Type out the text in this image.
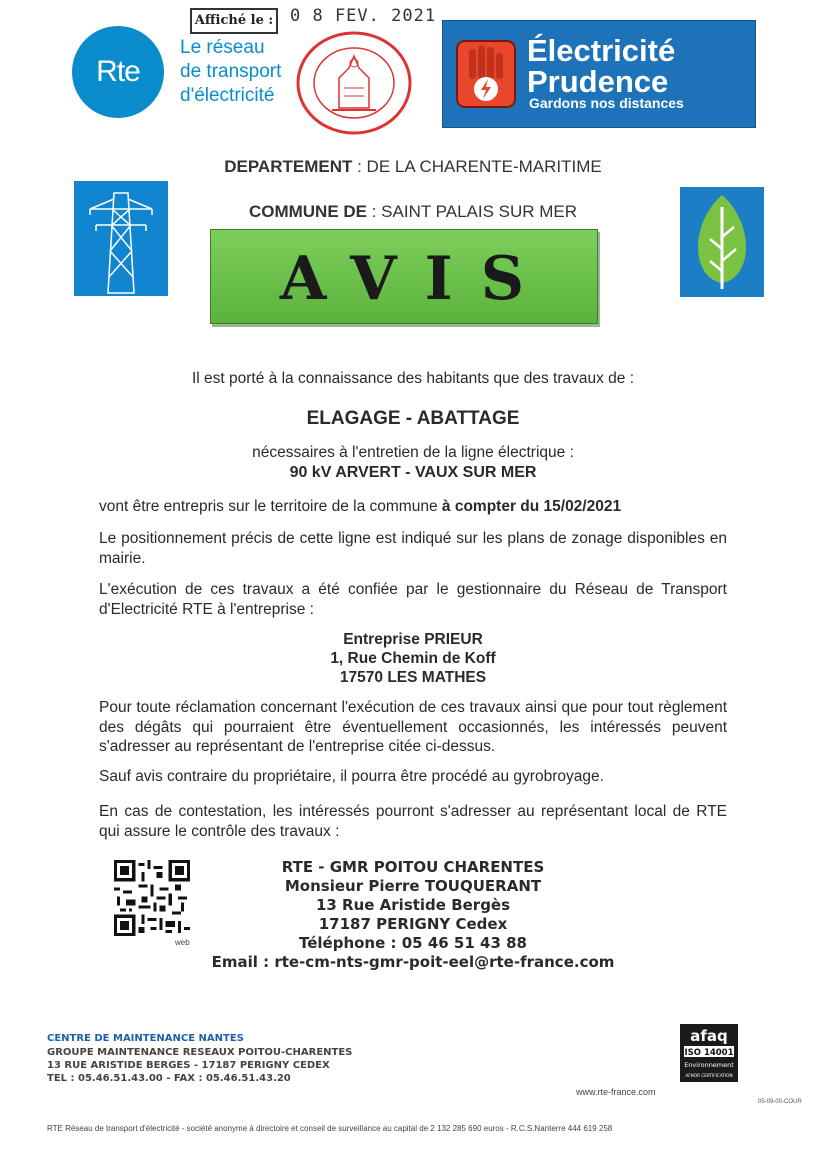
Affiché le : 0 8 FEV. 2021
Rte
Le réseau
de transport
d'électricité
Électricité
Prudence
Gardons nos distances
DEPARTEMENT : DE LA CHARENTE-MARITIME
COMMUNE DE : SAINT PALAIS SUR MER
AVIS
Il est porté à la connaissance des habitants que des travaux de :
ELAGAGE - ABATTAGE
nécessaires à l'entretien de la ligne électrique :
90 kV ARVERT - VAUX SUR MER
vont être entrepris sur le territoire de la commune à compter du 15/02/2021
Le positionnement précis de cette ligne est indiqué sur les plans de zonage disponibles en mairie.
L'exécution de ces travaux a été confiée par le gestionnaire du Réseau de Transport d'Electricité RTE à l'entreprise :
Entreprise PRIEUR
1, Rue Chemin de Koff
17570 LES MATHES
Pour toute réclamation concernant l'exécution de ces travaux ainsi que pour tout règlement des dégâts qui pourraient être éventuellement occasionnés, les intéressés peuvent s'adresser au représentant de l'entreprise citée ci-dessus.
Sauf avis contraire du propriétaire, il pourra être procédé au gyrobroyage.
En cas de contestation, les intéressés pourront s'adresser au représentant local de RTE qui assure le contrôle des travaux :
web
RTE - GMR POITOU CHARENTES
Monsieur Pierre TOUQUERANT
13 Rue Aristide Bergès
17187 PERIGNY Cedex
Téléphone : 05 46 51 43 88
Email : rte-cm-nts-gmr-poit-eel@rte-france.com
CENTRE DE MAINTENANCE NANTES
GROUPE MAINTENANCE RESEAUX POITOU-CHARENTES
13 RUE ARISTIDE BERGES - 17187 PERIGNY CEDEX
TEL : 05.46.51.43.00 - FAX : 05.46.51.43.20
afaq
ISO 14001
Environnement
AFNOR CERTIFICATION
www.rte-france.com
05-09-00-COUR
RTE Réseau de transport d'électricité - société anonyme à directoire et conseil de surveillance au capital de 2 132 285 690 euros - R.C.S.Nanterre 444 619 258
